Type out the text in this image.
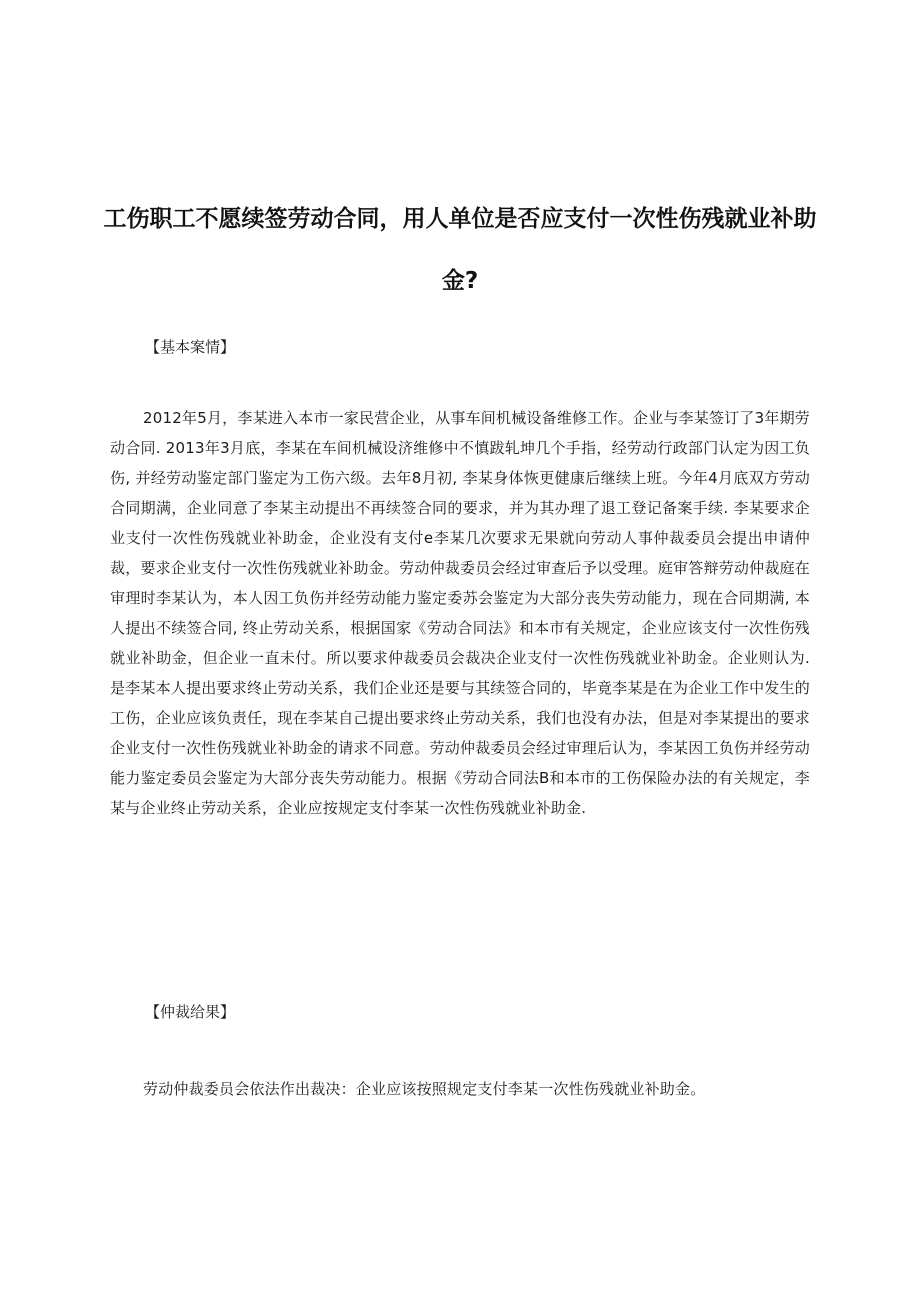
工伤职工不愿续签劳动合同，用人单位是否应支付一次性伤残就业补助金?
【基本案情】

2012年5月，李某进入本市一家民营企业，从事车间机械设备维修工作。企业与李某签订了3年期劳动合同. 2013年3月底，李某在车间机械设济维修中不慎跋轧坤几个手指，经劳动行政部门认定为因工负伤, 并经劳动鉴定部门鉴定为工伤六级。去年8月初, 李某身体恢更健康后继续上班。今年4月底双方劳动合同期满，企业同意了李某主动提出不再续签合同的要求，并为其办理了退工登记备案手续. 李某要求企业支付一次性伤残就业补助金，企业没有支付e李某几次要求无果就向劳动人事仲裁委员会提出申请仲裁，要求企业支付一次性伤残就业补助金。劳动仲裁委员会经过审查后予以受理。庭审答辩劳动仲裁庭在审理时李某认为，本人因工负伤并经劳动能力鉴定委苏会鉴定为大部分丧失劳动能力，现在合同期满, 本人提出不续签合同, 终止劳动关系，根据国家《劳动合同法》和本市有关规定，企业应该支付一次性伤残就业补助金，但企业一直未付。所以要求仲裁委员会裁决企业支付一次性伤残就业补助金。企业则认为.是李某本人提出要求终止劳动关系，我们企业还是要与其续签合同的，毕竟李某是在为企业工作中发生的工伤，企业应该负责任，现在李某自己提出要求终止劳动关系，我们也没有办法，但是对李某提出的要求企业支付一次性伤残就业补助金的请求不同意。劳动仲裁委员会经过审理后认为，李某因工负伤并经劳动能力鉴定委员会鉴定为大部分丧失劳动能力。根据《劳动合同法B和本市的工伤保险办法的有关规定，李某与企业终止劳动关系，企业应按规定支付李某一次性伤残就业补助金.

【仲裁给果】

劳动仲裁委员会依法作出裁决：企业应该按照规定支付李某一次性伤残就业补助金。
